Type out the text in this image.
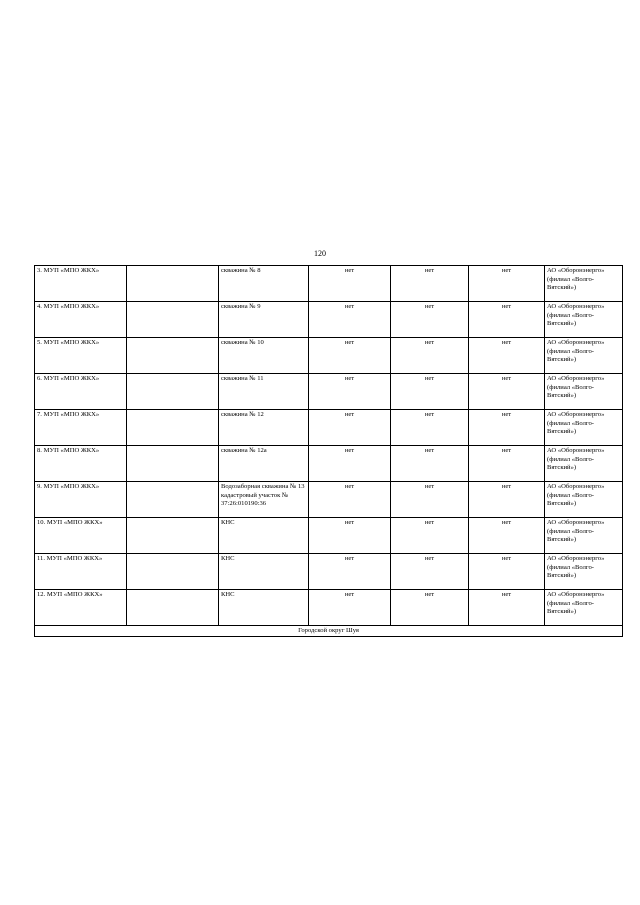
120
3. МУП «МПО ЖКХ»		скважина № 8	нет	нет	нет	АО «Оборонэнерго» (филиал «Волго-Вятский»)
4. МУП «МПО ЖКХ»		скважина № 9	нет	нет	нет	АО «Оборонэнерго» (филиал «Волго-Вятский»)
5. МУП «МПО ЖКХ»		скважина № 10	нет	нет	нет	АО «Оборонэнерго» (филиал «Волго-Вятский»)
6. МУП «МПО ЖКХ»		скважина № 11	нет	нет	нет	АО «Оборонэнерго» (филиал «Волго-Вятский»)
7. МУП «МПО ЖКХ»		скважина № 12	нет	нет	нет	АО «Оборонэнерго» (филиал «Волго-Вятский»)
8. МУП «МПО ЖКХ»		скважина № 12а	нет	нет	нет	АО «Оборонэнерго» (филиал «Волго-Вятский»)
9. МУП «МПО ЖКХ»		Водозаборная скважина № 13 кадастровый участок № 37:26:010190:36	нет	нет	нет	АО «Оборонэнерго» (филиал «Волго-Вятский»)
10. МУП «МПО ЖКХ»		КНС	нет	нет	нет	АО «Оборонэнерго» (филиал «Волго-Вятский»)
11. МУП «МПО ЖКХ»		КНС	нет	нет	нет	АО «Оборонэнерго» (филиал «Волго-Вятский»)
12. МУП «МПО ЖКХ»		КНС	нет	нет	нет	АО «Оборонэнерго» (филиал «Волго-Вятский»)
Городской округ Шуя						
